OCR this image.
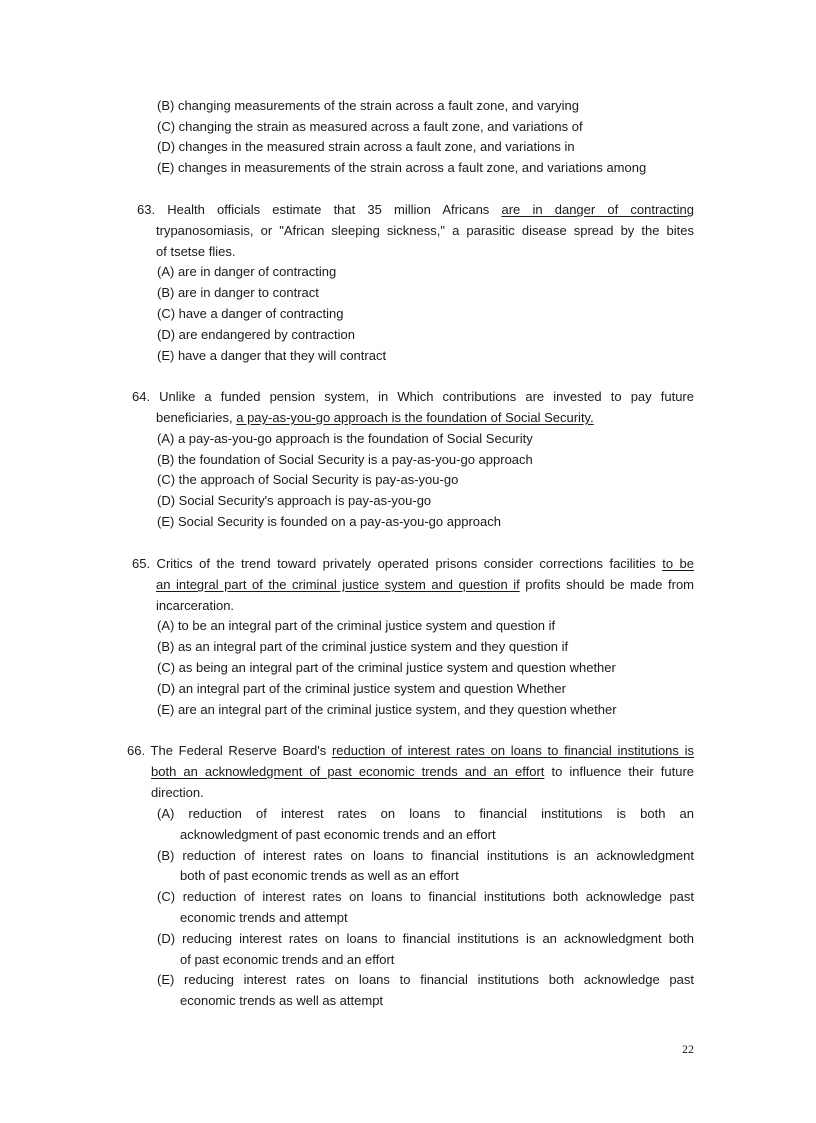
(B) changing measurements of the strain across a fault zone, and varying
(C) changing the strain as measured across a fault zone, and variations of
(D) changes in the measured strain across a fault zone, and variations in
(E) changes in measurements of the strain across a fault zone, and variations among
63. Health officials estimate that 35 million Africans are in danger of contracting
trypanosomiasis, or "African sleeping sickness," a parasitic disease spread by the bites
of tsetse flies.
(A) are in danger of contracting
(B) are in danger to contract
(C) have a danger of contracting
(D) are endangered by contraction
(E) have a danger that they will contract
64. Unlike a funded pension system, in Which contributions are invested to pay future
beneficiaries, a pay-as-you-go approach is the foundation of Social Security.
(A) a pay-as-you-go approach is the foundation of Social Security
(B) the foundation of Social Security is a pay-as-you-go approach
(C) the approach of Social Security is pay-as-you-go
(D) Social Security's approach is pay-as-you-go
(E) Social Security is founded on a pay-as-you-go approach
65. Critics of the trend toward privately operated prisons consider corrections facilities to be
an integral part of the criminal justice system and question if profits should be made from
incarceration.
(A) to be an integral part of the criminal justice system and question if
(B) as an integral part of the criminal justice system and they question if
(C) as being an integral part of the criminal justice system and question whether
(D) an integral part of the criminal justice system and question Whether
(E) are an integral part of the criminal justice system, and they question whether
66. The Federal Reserve Board's reduction of interest rates on loans to financial institutions is
both an acknowledgment of past economic trends and an effort to influence their future
direction.
(A) reduction of interest rates on loans to financial institutions is both an
acknowledgment of past economic trends and an effort
(B) reduction of interest rates on loans to financial institutions is an acknowledgment
both of past economic trends as well as an effort
(C) reduction of interest rates on loans to financial institutions both acknowledge past
economic trends and attempt
(D) reducing interest rates on loans to financial institutions is an acknowledgment both
of past economic trends and an effort
(E) reducing interest rates on loans to financial institutions both acknowledge past
economic trends as well as attempt
22
